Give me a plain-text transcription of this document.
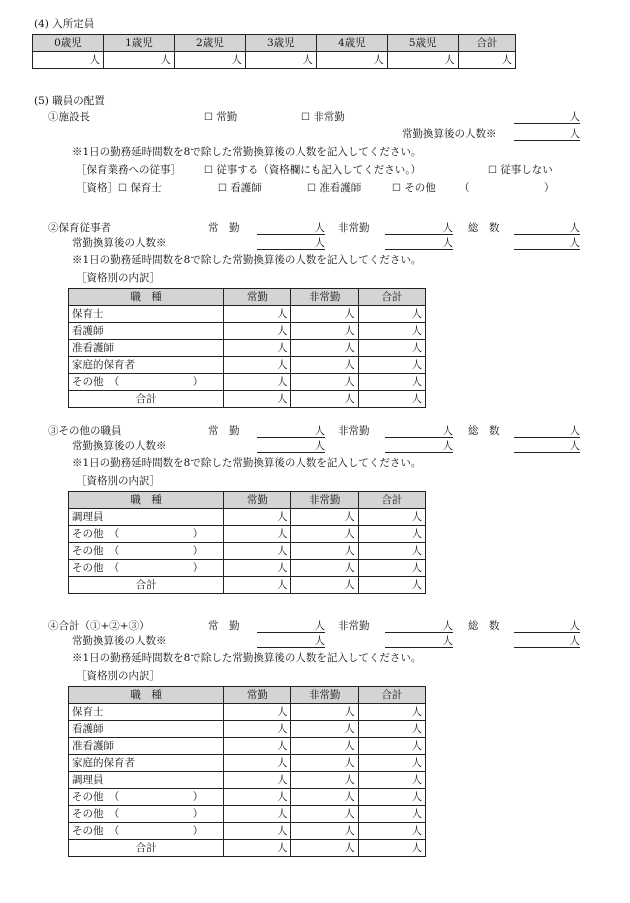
(4) 入所定員
0歳児	1歳児	2歳児	3歳児	4歳児	5歳児	合計
人	人	人	人	人	人	人
(5) 職員の配置
①施設長	☐ 常勤	☐ 非常勤	人
常勤換算後の人数※	人
※1日の勤務延時間数を8で除した常勤換算後の人数を記入してください。
［保育業務への従事］ ☐ 従事する（資格欄にも記入してください。）	☐ 従事しない
［資格］ ☐ 保育士	☐ 看護師	☐ 准看護師	☐ その他 （	）
②保育従事者	常　勤	人 非常勤	人 総　数	人
常勤換算後の人数※	人	人	人
※1日の勤務延時間数を8で除した常勤換算後の人数を記入してください。
［資格別の内訳］
職　種	常勤	非常勤	合計
保育士	人	人	人
看護師	人	人	人
准看護師	人	人	人
家庭的保育者	人	人	人
その他　（　　　　　　　）	人	人	人
合計	人	人	人
③その他の職員	常　勤	人 非常勤	人 総　数	人
常勤換算後の人数※	人	人	人
※1日の勤務延時間数を8で除した常勤換算後の人数を記入してください。
［資格別の内訳］
職　種	常勤	非常勤	合計
調理員	人	人	人
その他　（　　　　　　　）	人	人	人
その他　（　　　　　　　）	人	人	人
その他　（　　　　　　　）	人	人	人
合計	人	人	人
④合計（①+②+③）	常　勤	人 非常勤	人 総　数	人
常勤換算後の人数※	人	人	人
※1日の勤務延時間数を8で除した常勤換算後の人数を記入してください。
［資格別の内訳］
職　種	常勤	非常勤	合計
保育士	人	人	人
看護師	人	人	人
准看護師	人	人	人
家庭的保育者	人	人	人
調理員	人	人	人
その他　（　　　　　　　）	人	人	人
その他　（　　　　　　　）	人	人	人
その他　（　　　　　　　）	人	人	人
合計	人	人	人
